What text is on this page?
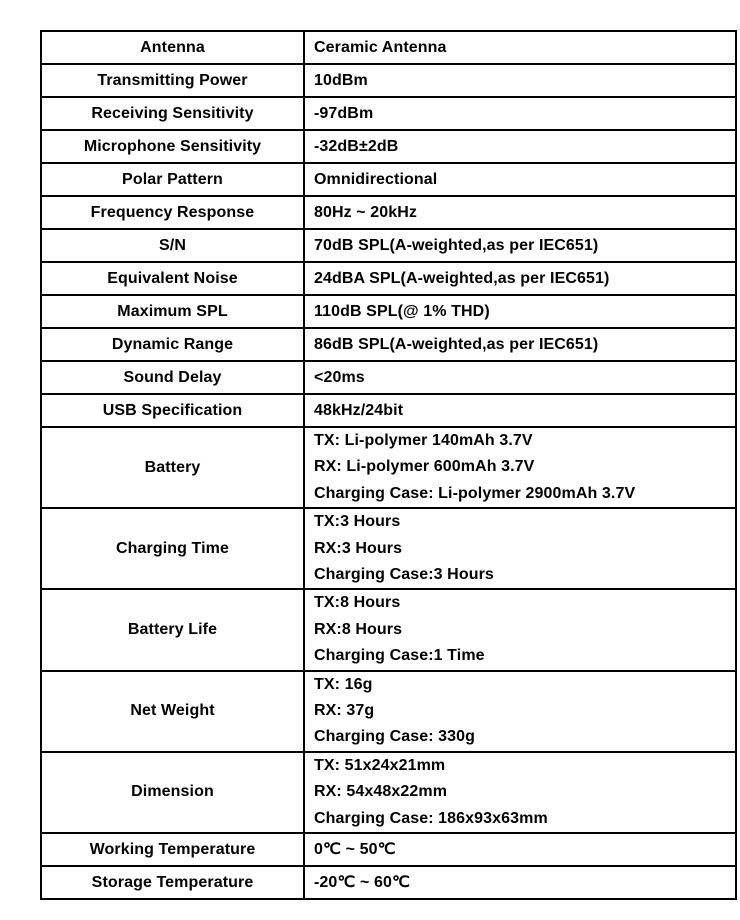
Antenna	Ceramic Antenna

Transmitting Power	10dBm

Receiving Sensitivity	-97dBm

Microphone Sensitivity	-32dB±2dB

Polar Pattern	Omnidirectional

Frequency Response	80Hz ~ 20kHz

S/N	70dB SPL(A-weighted,as per IEC651)

Equivalent Noise	24dBA SPL(A-weighted,as per IEC651)

Maximum SPL	110dB SPL(@ 1% THD)

Dynamic Range	86dB SPL(A-weighted,as per IEC651)

Sound Delay	<20ms

USB Specification	48kHz/24bit

Battery	TX: Li-polymer 140mAh 3.7V
RX: Li-polymer 600mAh 3.7V
Charging Case: Li-polymer 2900mAh 3.7V

Charging Time	TX:3 Hours
RX:3 Hours
Charging Case:3 Hours

Battery Life	TX:8 Hours
RX:8 Hours
Charging Case:1 Time

Net Weight	TX: 16g
RX: 37g
Charging Case: 330g

Dimension	TX: 51x24x21mm
RX: 54x48x22mm
Charging Case: 186x93x63mm

Working Temperature	0℃ ~ 50℃

Storage Temperature	-20℃ ~ 60℃
